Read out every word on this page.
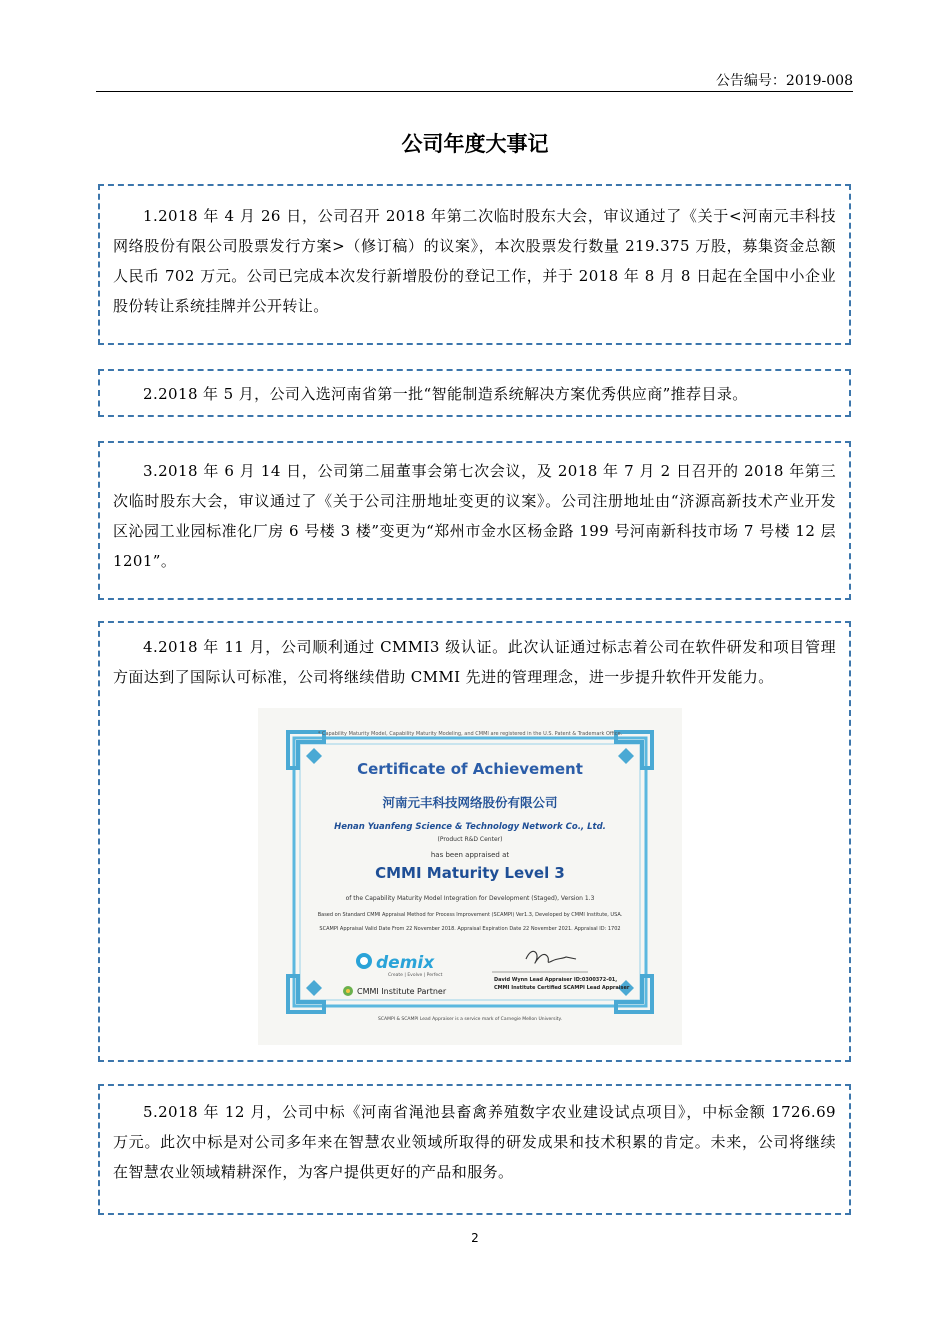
公告编号：2019-008
公司年度大事记

1.2018 年 4 月 26 日，公司召开 2018 年第二次临时股东大会，审议通过了《关于<河南元丰科技网络股份有限公司股票发行方案>（修订稿）的议案》，本次股票发行数量 219.375 万股，募集资金总额人民币 702 万元。公司已完成本次发行新增股份的登记工作，并于 2018 年 8 月 8 日起在全国中小企业股份转让系统挂牌并公开转让。

2.2018 年 5 月，公司入选河南省第一批“智能制造系统解决方案优秀供应商”推荐目录。

3.2018 年 6 月 14 日，公司第二届董事会第七次会议，及 2018 年 7 月 2 日召开的 2018 年第三次临时股东大会，审议通过了《关于公司注册地址变更的议案》。公司注册地址由“济源高新技术产业开发区沁园工业园标准化厂房 6 号楼 3 楼”变更为“郑州市金水区杨金路 199 号河南新科技市场 7 号楼 12 层 1201”。

4.2018 年 11 月，公司顺利通过 CMMI3 级认证。此次认证通过标志着公司在软件研发和项目管理方面达到了国际认可标准，公司将继续借助 CMMI 先进的管理理念，进一步提升软件开发能力。

* Capability Maturity Model, Capability Maturity Modeling, and CMMI are registered in the U.S. Patent & Trademark Office.
Certificate of Achievement
河南元丰科技网络股份有限公司
Henan Yuanfeng Science & Technology Network Co., Ltd.
(Product R&D Center)
has been appraised at
CMMI Maturity Level 3
of the Capability Maturity Model Integration for Development (Staged), Version 1.3
Based on Standard CMMI Appraisal Method for Process Improvement (SCAMPI) Ver1.3, Developed by CMMI Institute, USA.
SCAMPI Appraisal Valid Date From 22 November 2018. Appraisal Expiration Date 22 November 2021. Appraisal ID: 1702
demix
Create | Evolve | Perfect
CMMI Institute Partner
David Wynn Lead Appraiser ID:0300372-01,
CMMI Institute Certified SCAMPI Lead Appraiser
SCAMPI & SCAMPI Lead Appraiser is a service mark of Carnegie Mellon University.

5.2018 年 12 月，公司中标《河南省渑池县畜禽养殖数字农业建设试点项目》，中标金额 1726.69 万元。此次中标是对公司多年来在智慧农业领域所取得的研发成果和技术积累的肯定。未来，公司将继续在智慧农业领域精耕深作，为客户提供更好的产品和服务。

2
